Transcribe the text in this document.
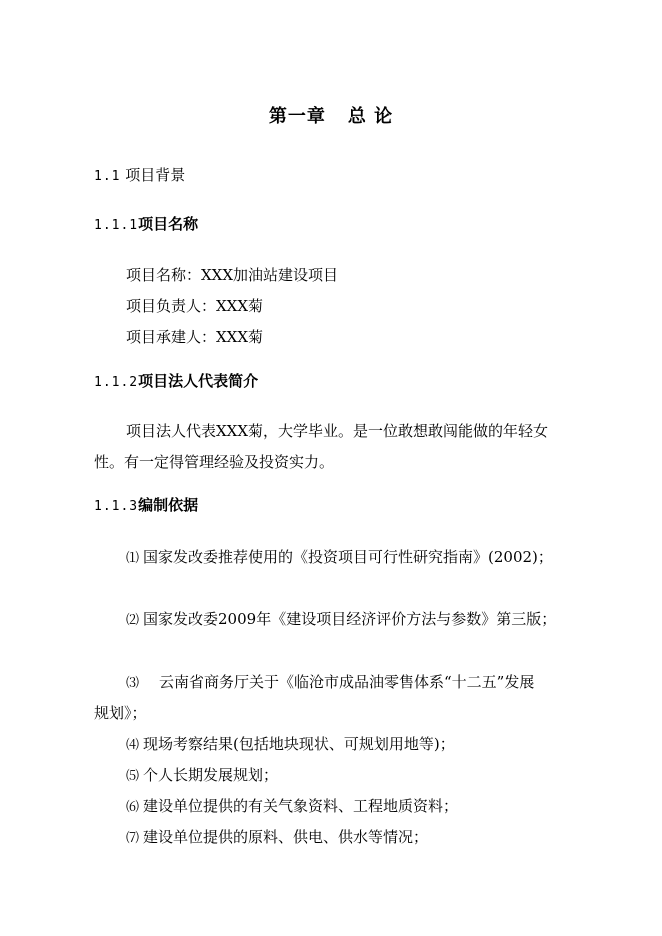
第一章 总 论
1.1 项目背景
1.1.1项目名称
项目名称：XXX加油站建设项目
项目负责人：XXX菊
项目承建人：XXX菊
1.1.2项目法人代表简介
项目法人代表XXX菊，大学毕业。是一位敢想敢闯能做的年轻女性。有一定得管理经验及投资实力。
1.1.3编制依据
⑴ 国家发改委推荐使用的《投资项目可行性研究指南》(2002)；
⑵ 国家发改委2009年《建设项目经济评价方法与参数》第三版；
⑶ 云南省商务厅关于《临沧市成品油零售体系“十二五”发展
规划》；
⑷ 现场考察结果(包括地块现状、可规划用地等)；
⑸ 个人长期发展规划；
⑹ 建设单位提供的有关气象资料、工程地质资料；
⑺ 建设单位提供的原料、供电、供水等情况；
